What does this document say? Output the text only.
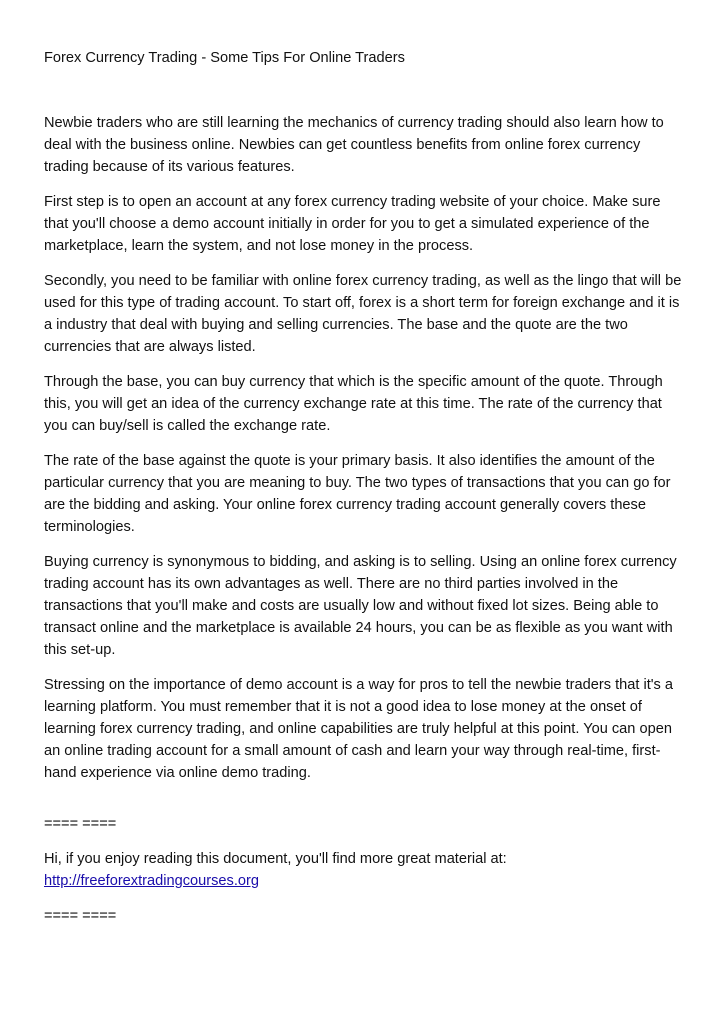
Forex Currency Trading - Some Tips For Online Traders

Newbie traders who are still learning the mechanics of currency trading should also learn how to deal with the business online. Newbies can get countless benefits from online forex currency trading because of its various features.

First step is to open an account at any forex currency trading website of your choice. Make sure that you'll choose a demo account initially in order for you to get a simulated experience of the marketplace, learn the system, and not lose money in the process.

Secondly, you need to be familiar with online forex currency trading, as well as the lingo that will be used for this type of trading account. To start off, forex is a short term for foreign exchange and it is a industry that deal with buying and selling currencies. The base and the quote are the two currencies that are always listed.

Through the base, you can buy currency that which is the specific amount of the quote. Through this, you will get an idea of the currency exchange rate at this time. The rate of the currency that you can buy/sell is called the exchange rate.

The rate of the base against the quote is your primary basis. It also identifies the amount of the particular currency that you are meaning to buy. The two types of transactions that you can go for are the bidding and asking. Your online forex currency trading account generally covers these terminologies.

Buying currency is synonymous to bidding, and asking is to selling. Using an online forex currency trading account has its own advantages as well. There are no third parties involved in the transactions that you'll make and costs are usually low and without fixed lot sizes. Being able to transact online and the marketplace is available 24 hours, you can be as flexible as you want with this set-up.

Stressing on the importance of demo account is a way for pros to tell the newbie traders that it's a learning platform. You must remember that it is not a good idea to lose money at the onset of learning forex currency trading, and online capabilities are truly helpful at this point. You can open an online trading account for a small amount of cash and learn your way through real-time, first-hand experience via online demo trading.

==== ====

Hi, if you enjoy reading this document, you'll find more great material at:
http://freeforextradingcourses.org

==== ====
